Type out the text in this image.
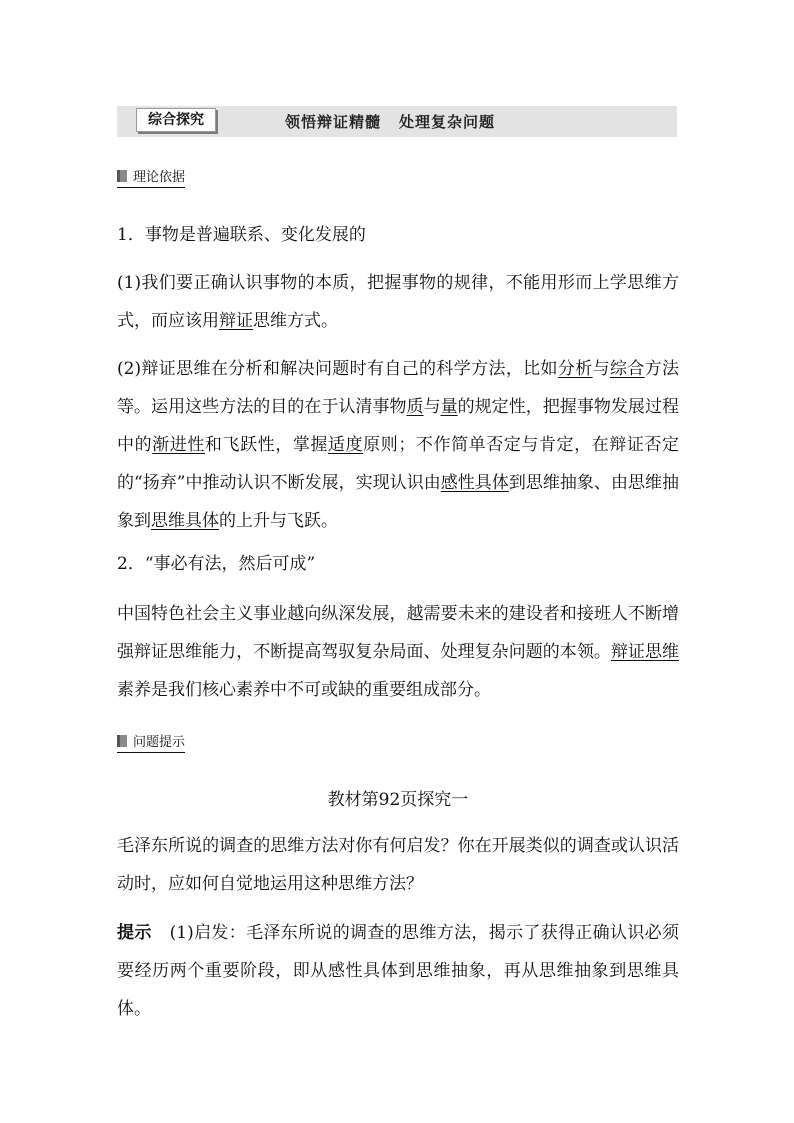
综合探究	领悟辩证精髓 处理复杂问题
理论依据
1．事物是普遍联系、变化发展的
(1)我们要正确认识事物的本质，把握事物的规律，不能用形而上学思维方式，而应该用辩证思维方式。
(2)辩证思维在分析和解决问题时有自己的科学方法，比如分析与综合方法等。运用这些方法的目的在于认清事物质与量的规定性，把握事物发展过程中的渐进性和飞跃性，掌握适度原则；不作简单否定与肯定，在辩证否定的“扬弃”中推动认识不断发展，实现认识由感性具体到思维抽象、由思维抽象到思维具体的上升与飞跃。
2．“事必有法，然后可成”
中国特色社会主义事业越向纵深发展，越需要未来的建设者和接班人不断增强辩证思维能力，不断提高驾驭复杂局面、处理复杂问题的本领。辩证思维素养是我们核心素养中不可或缺的重要组成部分。
问题提示
教材第92页探究一
毛泽东所说的调查的思维方法对你有何启发？你在开展类似的调查或认识活动时，应如何自觉地运用这种思维方法？
提示 (1)启发：毛泽东所说的调查的思维方法，揭示了获得正确认识必须要经历两个重要阶段，即从感性具体到思维抽象，再从思维抽象到思维具体。
